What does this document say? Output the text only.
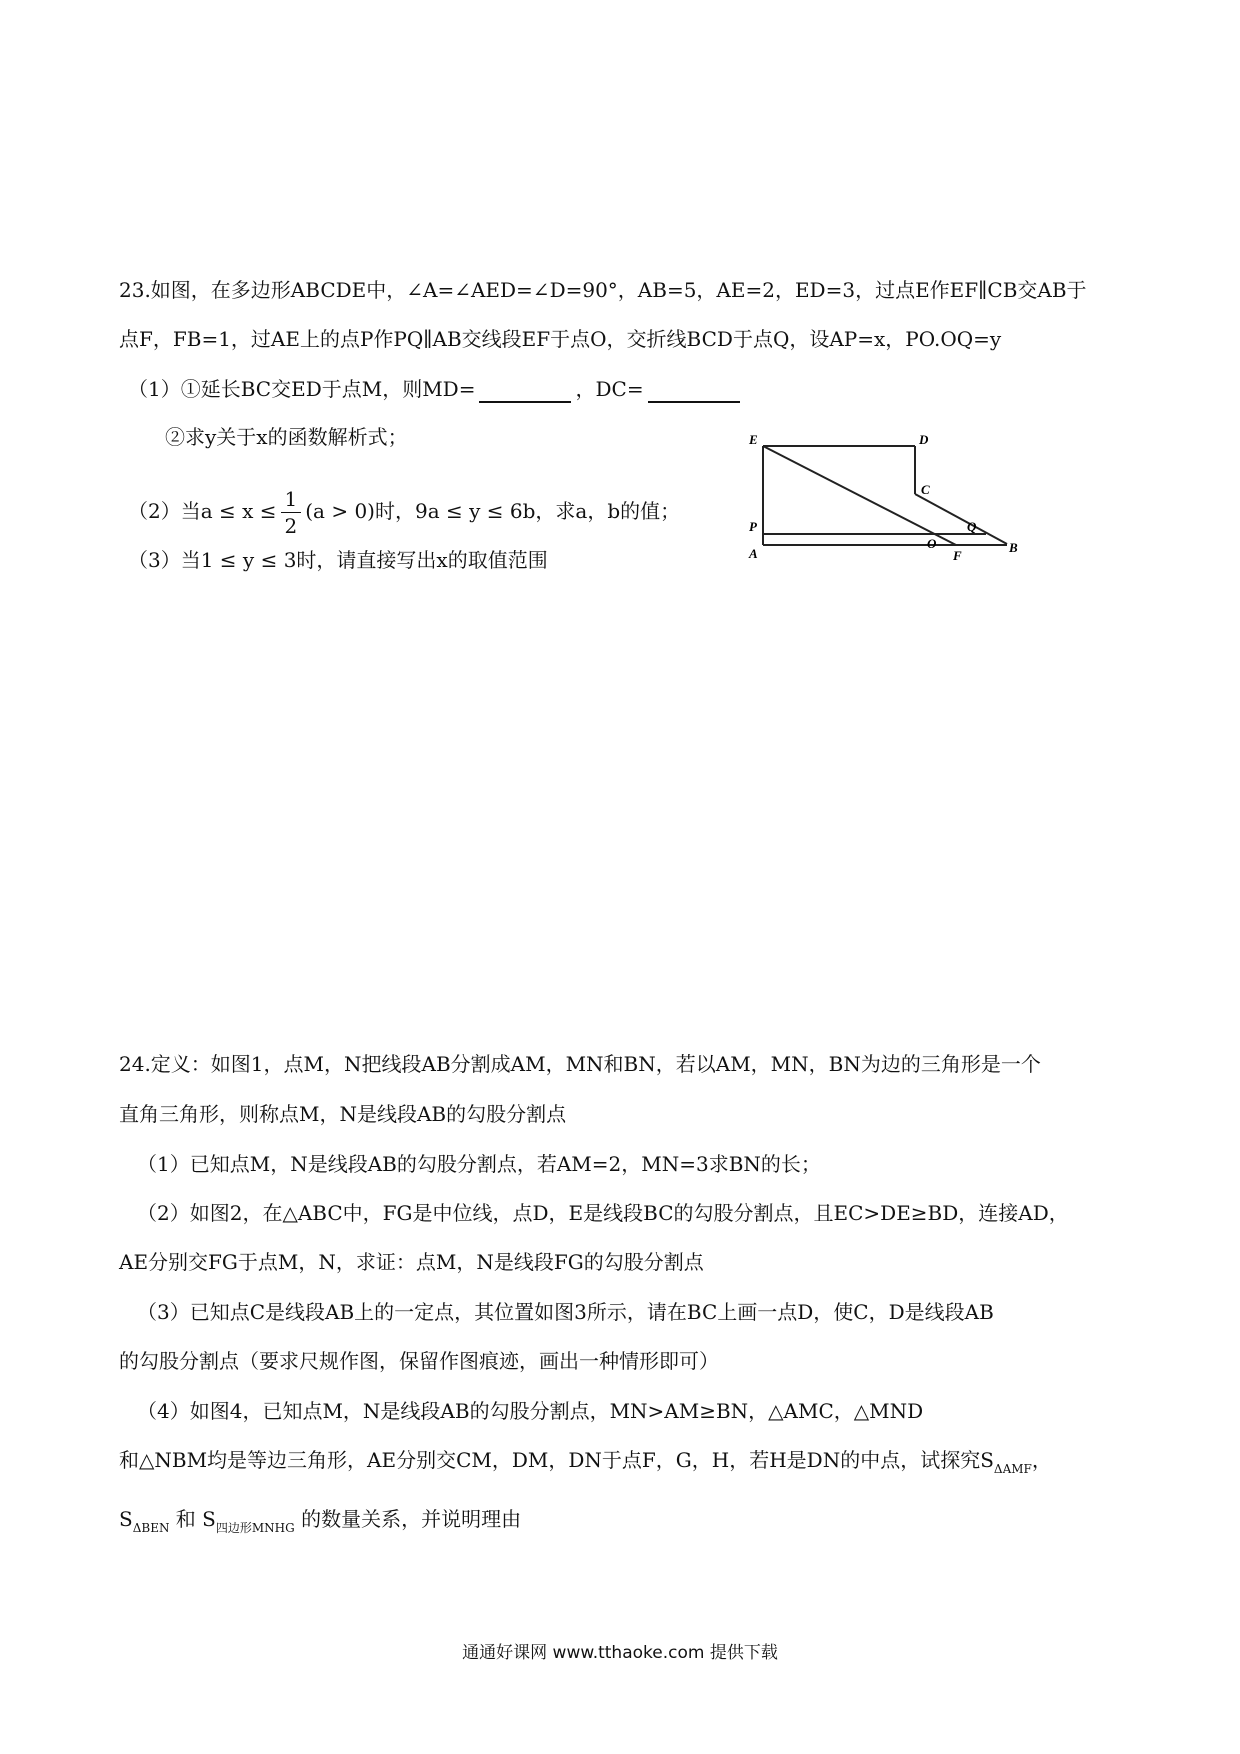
23.如图，在多边形ABCDE中，∠A=∠AED=∠D=90°，AB=5，AE=2，ED=3，过点E作EF∥CB交AB于
点F，FB=1，过AE上的点P作PQ∥AB交线段EF于点O，交折线BCD于点Q，设AP=x，PO.OQ=y
（1）①延长BC交ED于点M，则MD=	，DC=
②求y关于x的函数解析式；
（2）当$a \le x \le \frac{1}{2} (a > 0)$时，9a ≤ y ≤ 6b，求a，b的值；
（3）当1 ≤ y ≤ 3时，请直接写出x的取值范围
E	D
C
Q
P
O
A	F
B
24.定义：如图1，点M，N把线段AB分割成AM，MN和BN，若以AM，MN，BN为边的三角形是一个
直角三角形，则称点M，N是线段AB的勾股分割点
（1）已知点M，N是线段AB的勾股分割点，若AM=2，MN=3求BN的长；
（2）如图2，在△ABC中，FG是中位线，点D，E是线段BC的勾股分割点，且EC>DE≥BD，连接AD，
AE分别交FG于点M，N，求证：点M，N是线段FG的勾股分割点
（3）已知点C是线段AB上的一定点，其位置如图3所示，请在BC上画一点D，使C，D是线段AB
的勾股分割点（要求尺规作图，保留作图痕迹，画出一种情形即可）
（4）如图4，已知点M，N是线段AB的勾股分割点，MN>AM≥BN，△AMC，△MND
和△NBM均是等边三角形，AE分别交CM，DM，DN于点F，G，H，若H是DN的中点，试探究$S_{\Delta AMF}$，
$S_{\Delta BEN}$ 和 $S_{四边形MNHG}$ 的数量关系，并说明理由
通通好课网 www.tthaoke.com 提供下载
